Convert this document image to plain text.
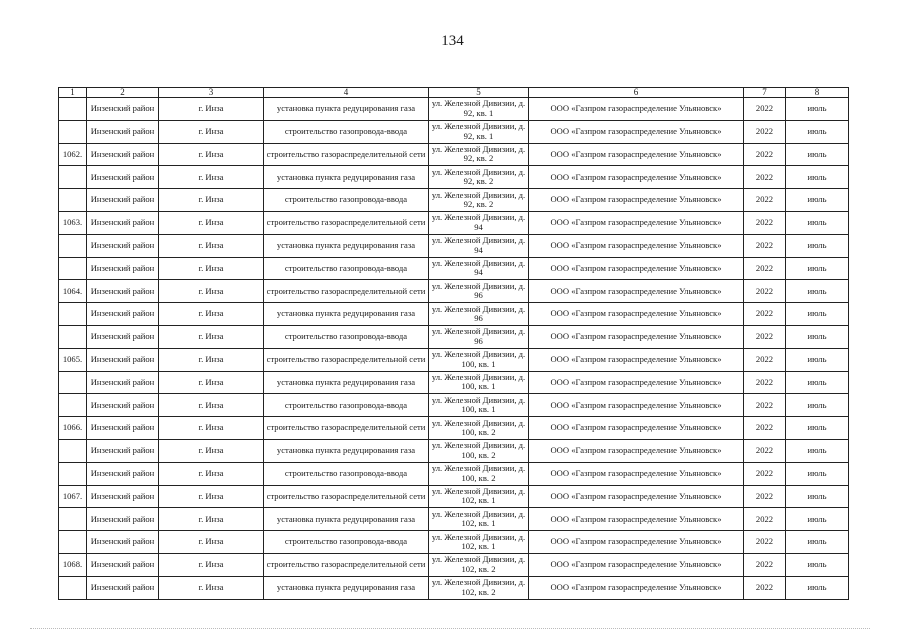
134
1	2	3	4	5	6	7	8
	Инзенский район	г. Инза	установка пункта редуцирования газа	ул. Железной Дивизии, д. 92, кв. 1	ООО «Газпром газораспределение Ульяновск»	2022	июль
	Инзенский район	г. Инза	строительство газопровода-ввода	ул. Железной Дивизии, д. 92, кв. 1	ООО «Газпром газораспределение Ульяновск»	2022	июль
1062.	Инзенский район	г. Инза	строительство газораспределительной сети	ул. Железной Дивизии, д. 92, кв. 2	ООО «Газпром газораспределение Ульяновск»	2022	июль
	Инзенский район	г. Инза	установка пункта редуцирования газа	ул. Железной Дивизии, д. 92, кв. 2	ООО «Газпром газораспределение Ульяновск»	2022	июль
	Инзенский район	г. Инза	строительство газопровода-ввода	ул. Железной Дивизии, д. 92, кв. 2	ООО «Газпром газораспределение Ульяновск»	2022	июль
1063.	Инзенский район	г. Инза	строительство газораспределительной сети	ул. Железной Дивизии, д. 94	ООО «Газпром газораспределение Ульяновск»	2022	июль
	Инзенский район	г. Инза	установка пункта редуцирования газа	ул. Железной Дивизии, д. 94	ООО «Газпром газораспределение Ульяновск»	2022	июль
	Инзенский район	г. Инза	строительство газопровода-ввода	ул. Железной Дивизии, д. 94	ООО «Газпром газораспределение Ульяновск»	2022	июль
1064.	Инзенский район	г. Инза	строительство газораспределительной сети	ул. Железной Дивизии, д. 96	ООО «Газпром газораспределение Ульяновск»	2022	июль
	Инзенский район	г. Инза	установка пункта редуцирования газа	ул. Железной Дивизии, д. 96	ООО «Газпром газораспределение Ульяновск»	2022	июль
	Инзенский район	г. Инза	строительство газопровода-ввода	ул. Железной Дивизии, д. 96	ООО «Газпром газораспределение Ульяновск»	2022	июль
1065.	Инзенский район	г. Инза	строительство газораспределительной сети	ул. Железной Дивизии, д. 100, кв. 1	ООО «Газпром газораспределение Ульяновск»	2022	июль
	Инзенский район	г. Инза	установка пункта редуцирования газа	ул. Железной Дивизии, д. 100, кв. 1	ООО «Газпром газораспределение Ульяновск»	2022	июль
	Инзенский район	г. Инза	строительство газопровода-ввода	ул. Железной Дивизии, д. 100, кв. 1	ООО «Газпром газораспределение Ульяновск»	2022	июль
1066.	Инзенский район	г. Инза	строительство газораспределительной сети	ул. Железной Дивизии, д. 100, кв. 2	ООО «Газпром газораспределение Ульяновск»	2022	июль
	Инзенский район	г. Инза	установка пункта редуцирования газа	ул. Железной Дивизии, д. 100, кв. 2	ООО «Газпром газораспределение Ульяновск»	2022	июль
	Инзенский район	г. Инза	строительство газопровода-ввода	ул. Железной Дивизии, д. 100, кв. 2	ООО «Газпром газораспределение Ульяновск»	2022	июль
1067.	Инзенский район	г. Инза	строительство газораспределительной сети	ул. Железной Дивизии, д. 102, кв. 1	ООО «Газпром газораспределение Ульяновск»	2022	июль
	Инзенский район	г. Инза	установка пункта редуцирования газа	ул. Железной Дивизии, д. 102, кв. 1	ООО «Газпром газораспределение Ульяновск»	2022	июль
	Инзенский район	г. Инза	строительство газопровода-ввода	ул. Железной Дивизии, д. 102, кв. 1	ООО «Газпром газораспределение Ульяновск»	2022	июль
1068.	Инзенский район	г. Инза	строительство газораспределительной сети	ул. Железной Дивизии, д. 102, кв. 2	ООО «Газпром газораспределение Ульяновск»	2022	июль
	Инзенский район	г. Инза	установка пункта редуцирования газа	ул. Железной Дивизии, д. 102, кв. 2	ООО «Газпром газораспределение Ульяновск»	2022	июль
